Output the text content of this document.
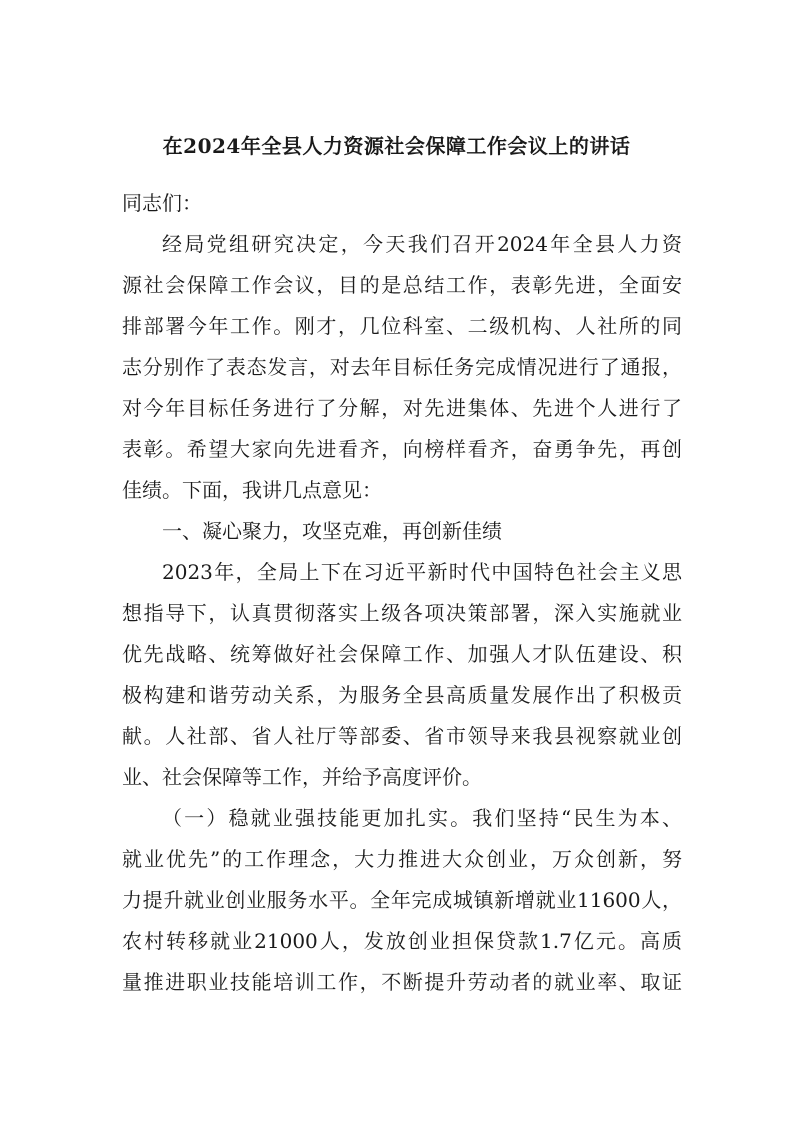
在2024年全县人力资源社会保障工作会议上的讲话
同志们：
经局党组研究决定，今天我们召开2024年全县人力资
源社会保障工作会议，目的是总结工作，表彰先进，全面安
排部署今年工作。刚才，几位科室、二级机构、人社所的同
志分别作了表态发言，对去年目标任务完成情况进行了通报，
对今年目标任务进行了分解，对先进集体、先进个人进行了
表彰。希望大家向先进看齐，向榜样看齐，奋勇争先，再创
佳绩。下面，我讲几点意见：
一、凝心聚力，攻坚克难，再创新佳绩
2023年，全局上下在习近平新时代中国特色社会主义思
想指导下，认真贯彻落实上级各项决策部署，深入实施就业
优先战略、统筹做好社会保障工作、加强人才队伍建设、积
极构建和谐劳动关系，为服务全县高质量发展作出了积极贡
献。人社部、省人社厅等部委、省市领导来我县视察就业创
业、社会保障等工作，并给予高度评价。
（一）稳就业强技能更加扎实。我们坚持“民生为本、
就业优先”的工作理念，大力推进大众创业，万众创新，努
力提升就业创业服务水平。全年完成城镇新增就业11600人，
农村转移就业21000人，发放创业担保贷款1.7亿元。高质
量推进职业技能培训工作，不断提升劳动者的就业率、取证
